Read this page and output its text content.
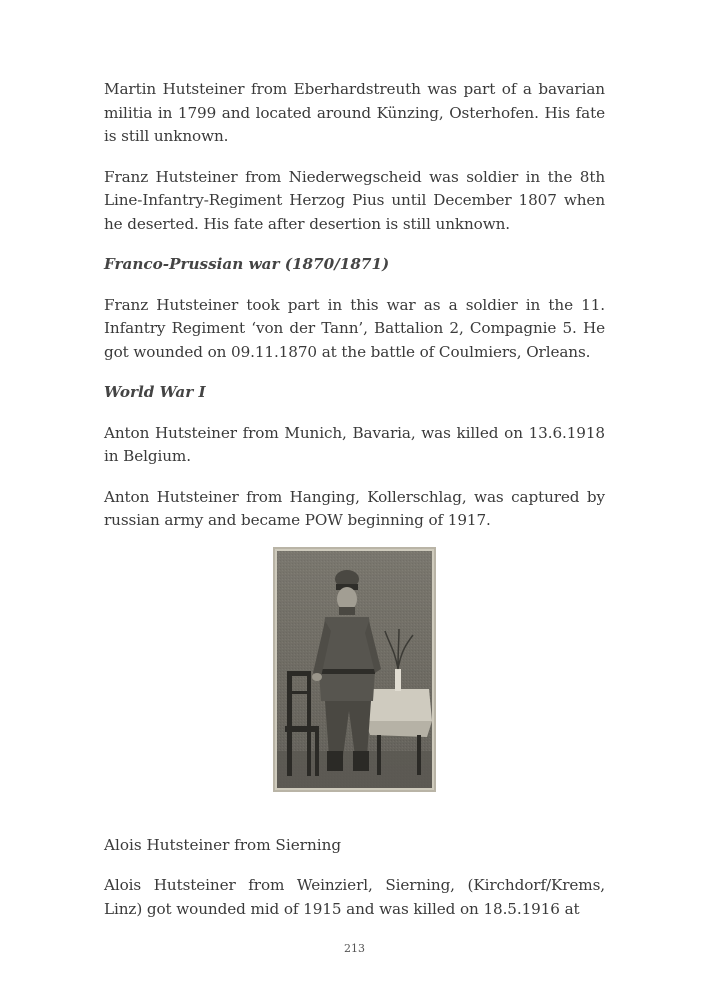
Martin Hutsteiner from Eberhardstreuth was part of a bavarian militia in 1799 and located around Künzing, Osterhofen. His fate is still unknown.

Franz Hutsteiner from Niederwegscheid was soldier in the 8th Line-Infantry-Regiment Herzog Pius until December 1807 when he deserted. His fate after desertion is still unknown.

Franco-Prussian war (1870/1871)

Franz Hutsteiner took part in this war as a soldier in the 11. Infantry Regiment ‘von der Tann’, Battalion 2, Compagnie 5. He got wounded on 09.11.1870 at the battle of Coulmiers, Orleans.

World War I

Anton Hutsteiner from Munich, Bavaria, was killed on 13.6.1918 in Belgium.

Anton Hutsteiner from Hanging, Kollerschlag, was captured by russian army and became POW beginning of 1917.

Alois Hutsteiner from Sierning

Alois Hutsteiner from Weinzierl, Sierning, (Kirchdorf/Krems, Linz) got wounded mid of 1915 and was killed on 18.5.1916 at

213
